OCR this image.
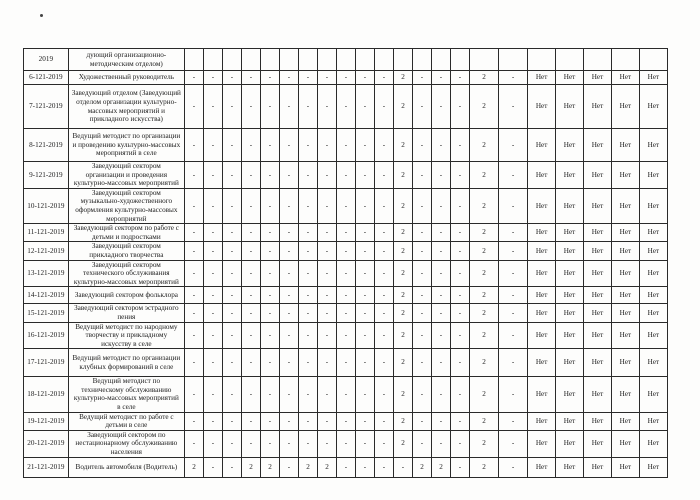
2019	дующий организационно-методическим отделом)																						
6-121-2019	Художественный руководитель	-	-	-	-	-	-	-	-	-	-	-	2	-	-	-	2	-	Нет	Нет	Нет	Нет	Нет
7-121-2019	Заведующий отделом (Заведующий отделом организации культурно-массовых мероприятий и прикладного искусства)	-	-	-	-	-	-	-	-	-	-	-	2	-	-	-	2	-	Нет	Нет	Нет	Нет	Нет
8-121-2019	Ведущий методист по организации и проведению культурно-массовых мероприятий в селе	-	-	-	-	-	-	-	-	-	-	-	2	-	-	-	2	-	Нет	Нет	Нет	Нет	Нет
9-121-2019	Заведующий сектором организации и проведения культурно-массовых мероприятий	-	-	-	-	-	-	-	-	-	-	-	2	-	-	-	2	-	Нет	Нет	Нет	Нет	Нет
10-121-2019	Заведующий сектором музыкально-художественного оформления культурно-массовых мероприятий	-	-	-	-	-	-	-	-	-	-	-	2	-	-	-	2	-	Нет	Нет	Нет	Нет	Нет
11-121-2019	Заведующий сектором по работе с детьми и подростками	-	-	-	-	-	-	-	-	-	-	-	2	-	-	-	2	-	Нет	Нет	Нет	Нет	Нет
12-121-2019	Заведующий сектором прикладного творчества	-	-	-	-	-	-	-	-	-	-	-	2	-	-	-	2	-	Нет	Нет	Нет	Нет	Нет
13-121-2019	Заведующий сектором технического обслуживания культурно-массовых мероприятий	-	-	-	-	-	-	-	-	-	-	-	2	-	-	-	2	-	Нет	Нет	Нет	Нет	Нет
14-121-2019	Заведующий сектором фольклора	-	-	-	-	-	-	-	-	-	-	-	2	-	-	-	2	-	Нет	Нет	Нет	Нет	Нет
15-121-2019	Заведующий сектором эстрадного пения	-	-	-	-	-	-	-	-	-	-	-	2	-	-	-	2	-	Нет	Нет	Нет	Нет	Нет
16-121-2019	Ведущий методист по народному творчеству и прикладному искусству в селе	-	-	-	-	-	-	-	-	-	-	-	2	-	-	-	2	-	Нет	Нет	Нет	Нет	Нет
17-121-2019	Ведущий методист по организации клубных формирований в селе	-	-	-	-	-	-	-	-	-	-	-	2	-	-	-	2	-	Нет	Нет	Нет	Нет	Нет
18-121-2019	Ведущий методист по техническому обслуживанию культурно-массовых мероприятий в селе	-	-	-	-	-	-	-	-	-	-	-	2	-	-	-	2	-	Нет	Нет	Нет	Нет	Нет
19-121-2019	Ведущий методист по работе с детьми в селе	-	-	-	-	-	-	-	-	-	-	-	2	-	-	-	2	-	Нет	Нет	Нет	Нет	Нет
20-121-2019	Заведующий сектором по нестационарному обслуживанию населения	-	-	-	-	-	-	-	-	-	-	-	2	-	-	-	2	-	Нет	Нет	Нет	Нет	Нет
21-121-2019	Водитель автомобиля (Водитель)	2	-	-	2	2	-	2	2	-	-	-	-	2	2	-	2	-	Нет	Нет	Нет	Нет	Нет
